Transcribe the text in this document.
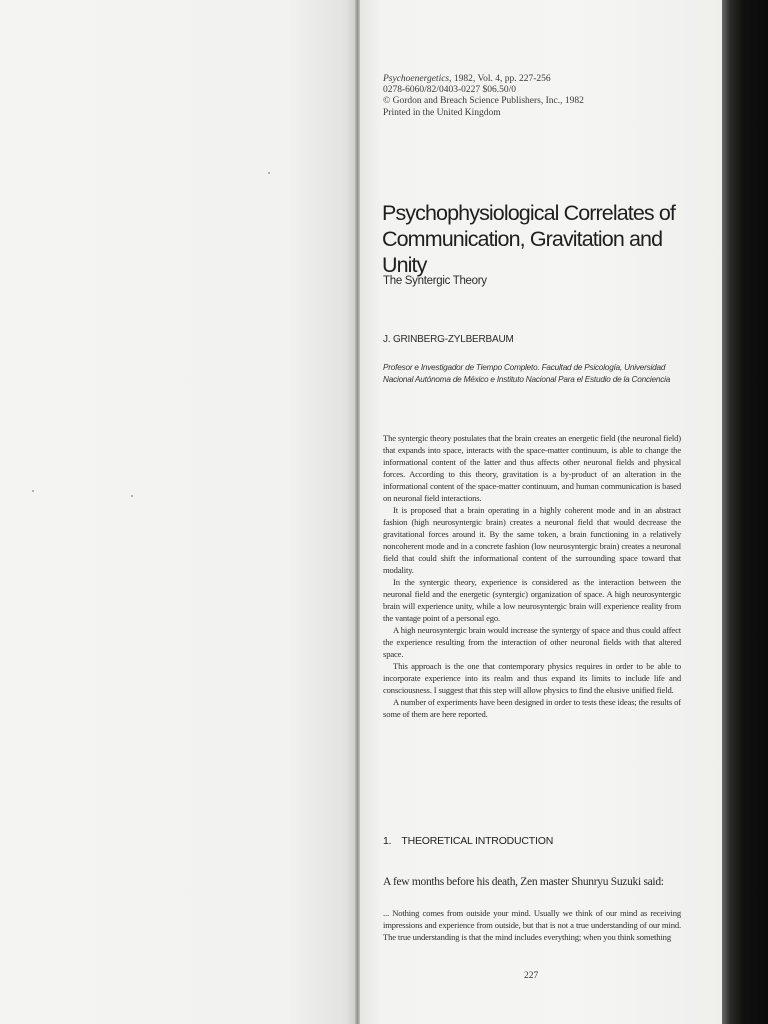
Psychoenergetics, 1982, Vol. 4, pp. 227-256
0278-6060/82/0403-0227 $06.50/0
© Gordon and Breach Science Publishers, Inc., 1982
Printed in the United Kingdom
Psychophysiological Correlates of
Communication, Gravitation and Unity
The Syntergic Theory
J. GRINBERG-ZYLBERBAUM
Profesor e Investigador de Tiempo Completo. Facultad de Psicología, Universidad Nacional Autónoma de México e Instituto Nacional Para el Estudio de la Conciencia

The syntergic theory postulates that the brain creates an energetic field (the neuronal field) that expands into space, interacts with the space-matter continuum, is able to change the informational content of the latter and thus affects other neuronal fields and physical forces. According to this theory, gravitation is a by-product of an alteration in the informational content of the space-matter continuum, and human communication is based on neuronal field interactions.

It is proposed that a brain operating in a highly coherent mode and in an abstract fashion (high neurosyntergic brain) creates a neuronal field that would decrease the gravitational forces around it. By the same token, a brain functioning in a relatively noncoherent mode and in a concrete fashion (low neurosyntergic brain) creates a neuronal field that could shift the informational content of the surrounding space toward that modality.

In the syntergic theory, experience is considered as the interaction between the neuronal field and the energetic (syntergic) organization of space. A high neurosyntergic brain will experience unity, while a low neurosyntergic brain will experience reality from the vantage point of a personal ego.

A high neurosyntergic brain would increase the syntergy of space and thus could affect the experience resulting from the interaction of other neuronal fields with that altered space.

This approach is the one that contemporary physics requires in order to be able to incorporate experience into its realm and thus expand its limits to include life and consciousness. I suggest that this step will allow physics to find the elusive unified field.

A number of experiments have been designed in order to tests these ideas; the results of some of them are here reported.

1. THEORETICAL INTRODUCTION
A few months before his death, Zen master Shunryu Suzuki said:
... Nothing comes from outside your mind. Usually we think of our mind as receiving impressions and experience from outside, but that is not a true understanding of our mind. The true understanding is that the mind includes everything; when you think something
227
